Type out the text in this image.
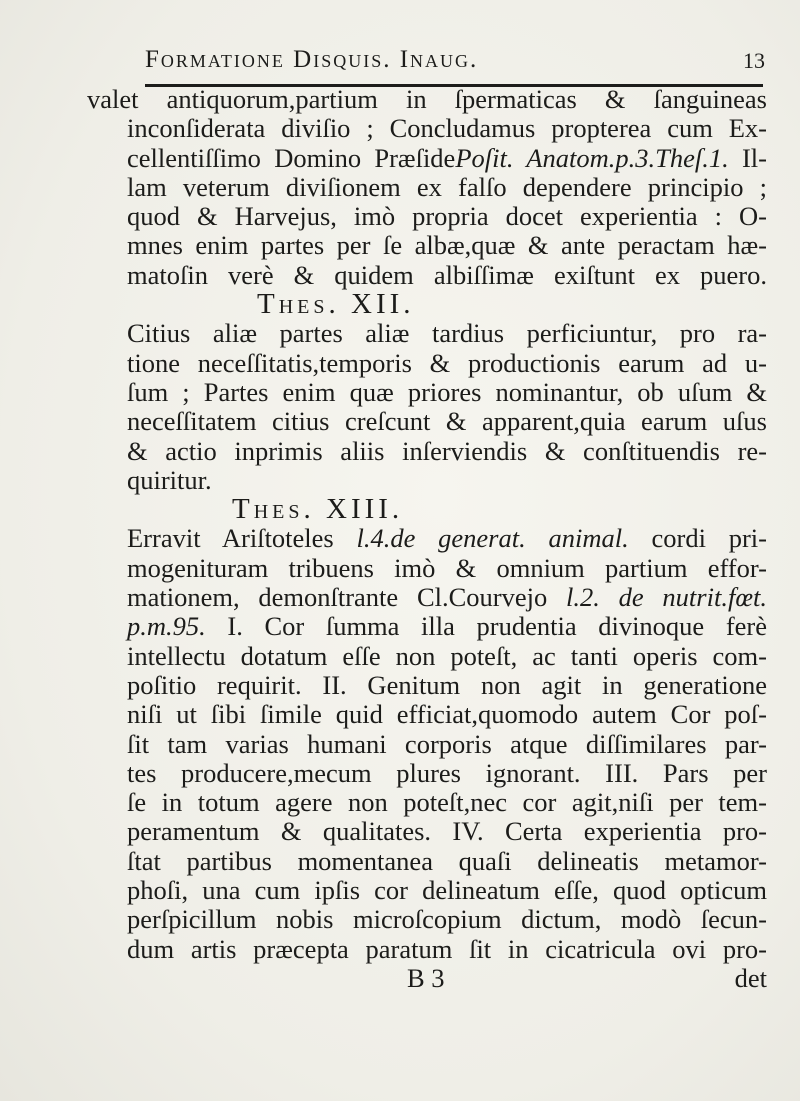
Formatione Disquis. Inaug.	13
valet antiquorum,partium in ſpermaticas & ſanguineas
inconſiderata diviſio ; Concludamus propterea cum Ex-
cellentiſſimo Domino PræſidePoſit. Anatom.p.3.Theſ.1. Il-
lam veterum diviſionem ex falſo dependere principio ;
quod & Harvejus, imò propria docet experientia : O-
mnes enim partes per ſe albæ,quæ & ante peractam hæ-
matoſin verè & quidem albiſſimæ exiſtunt ex puero.
Thes. XII.
Citius aliæ partes aliæ tardius perficiuntur, pro ra-
tione neceſſitatis,temporis & productionis earum ad u-
ſum ; Partes enim quæ priores nominantur, ob uſum &
neceſſitatem citius creſcunt & apparent,quia earum uſus
& actio inprimis aliis inſerviendis & conſtituendis re-
quiritur.
Thes. XIII.
Erravit Ariſtoteles l.4.de generat. animal. cordi pri-
mogenituram tribuens imò & omnium partium effor-
mationem, demonſtrante Cl.Courvejo l.2. de nutrit.fœt.
p.m.95. I. Cor ſumma illa prudentia divinoque ferè
intellectu dotatum eſſe non poteſt, ac tanti operis com-
poſitio requirit. II. Genitum non agit in generatione
niſi ut ſibi ſimile quid efficiat,quomodo autem Cor poſ-
ſit tam varias humani corporis atque diſſimilares par-
tes producere,mecum plures ignorant. III. Pars per
ſe in totum agere non poteſt,nec cor agit,niſi per tem-
peramentum & qualitates. IV. Certa experientia pro-
ſtat partibus momentanea quaſi delineatis metamor-
phoſi, una cum ipſis cor delineatum eſſe, quod opticum
perſpicillum nobis microſcopium dictum, modò ſecun-
dum artis præcepta paratum ſit in cicatricula ovi pro-
B 3	det
